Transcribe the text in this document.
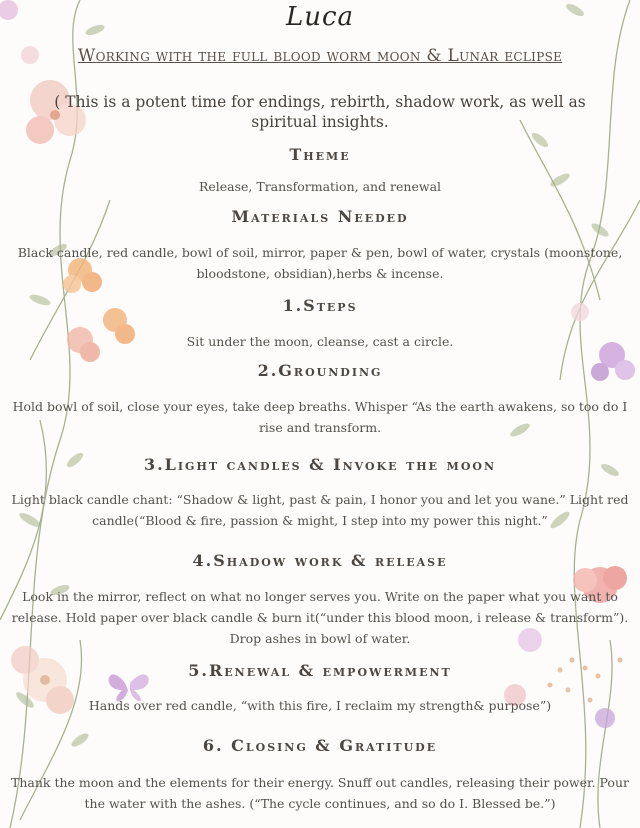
Luca
Working with the full blood worm moon & Lunar eclipse
( This is a potent time for endings, rebirth, shadow work, as well as spiritual insights.
Theme
Release, Transformation, and renewal
Materials Needed
Black candle, red candle, bowl of soil, mirror, paper & pen, bowl of water, crystals (moonstone, bloodstone, obsidian),herbs & incense.
1.Steps
Sit under the moon, cleanse, cast a circle.
2.Grounding
Hold bowl of soil, close your eyes, take deep breaths. Whisper “As the earth awakens, so too do I rise and transform.
3.Light candles & Invoke the moon
Light black candle chant: “Shadow & light, past & pain, I honor you and let you wane.” Light red candle(“Blood & fire, passion & might, I step into my power this night.”
4.Shadow work & release
Look in the mirror, reflect on what no longer serves you. Write on the paper what you want to release. Hold paper over black candle & burn it(“under this blood moon, i release & transform”). Drop ashes in bowl of water.
5.Renewal & empowerment
Hands over red candle, “with this fire, I reclaim my strength& purpose”)
6. Closing & Gratitude
Thank the moon and the elements for their energy. Snuff out candles, releasing their power. Pour the water with the ashes. (“The cycle continues, and so do I. Blessed be.”)
